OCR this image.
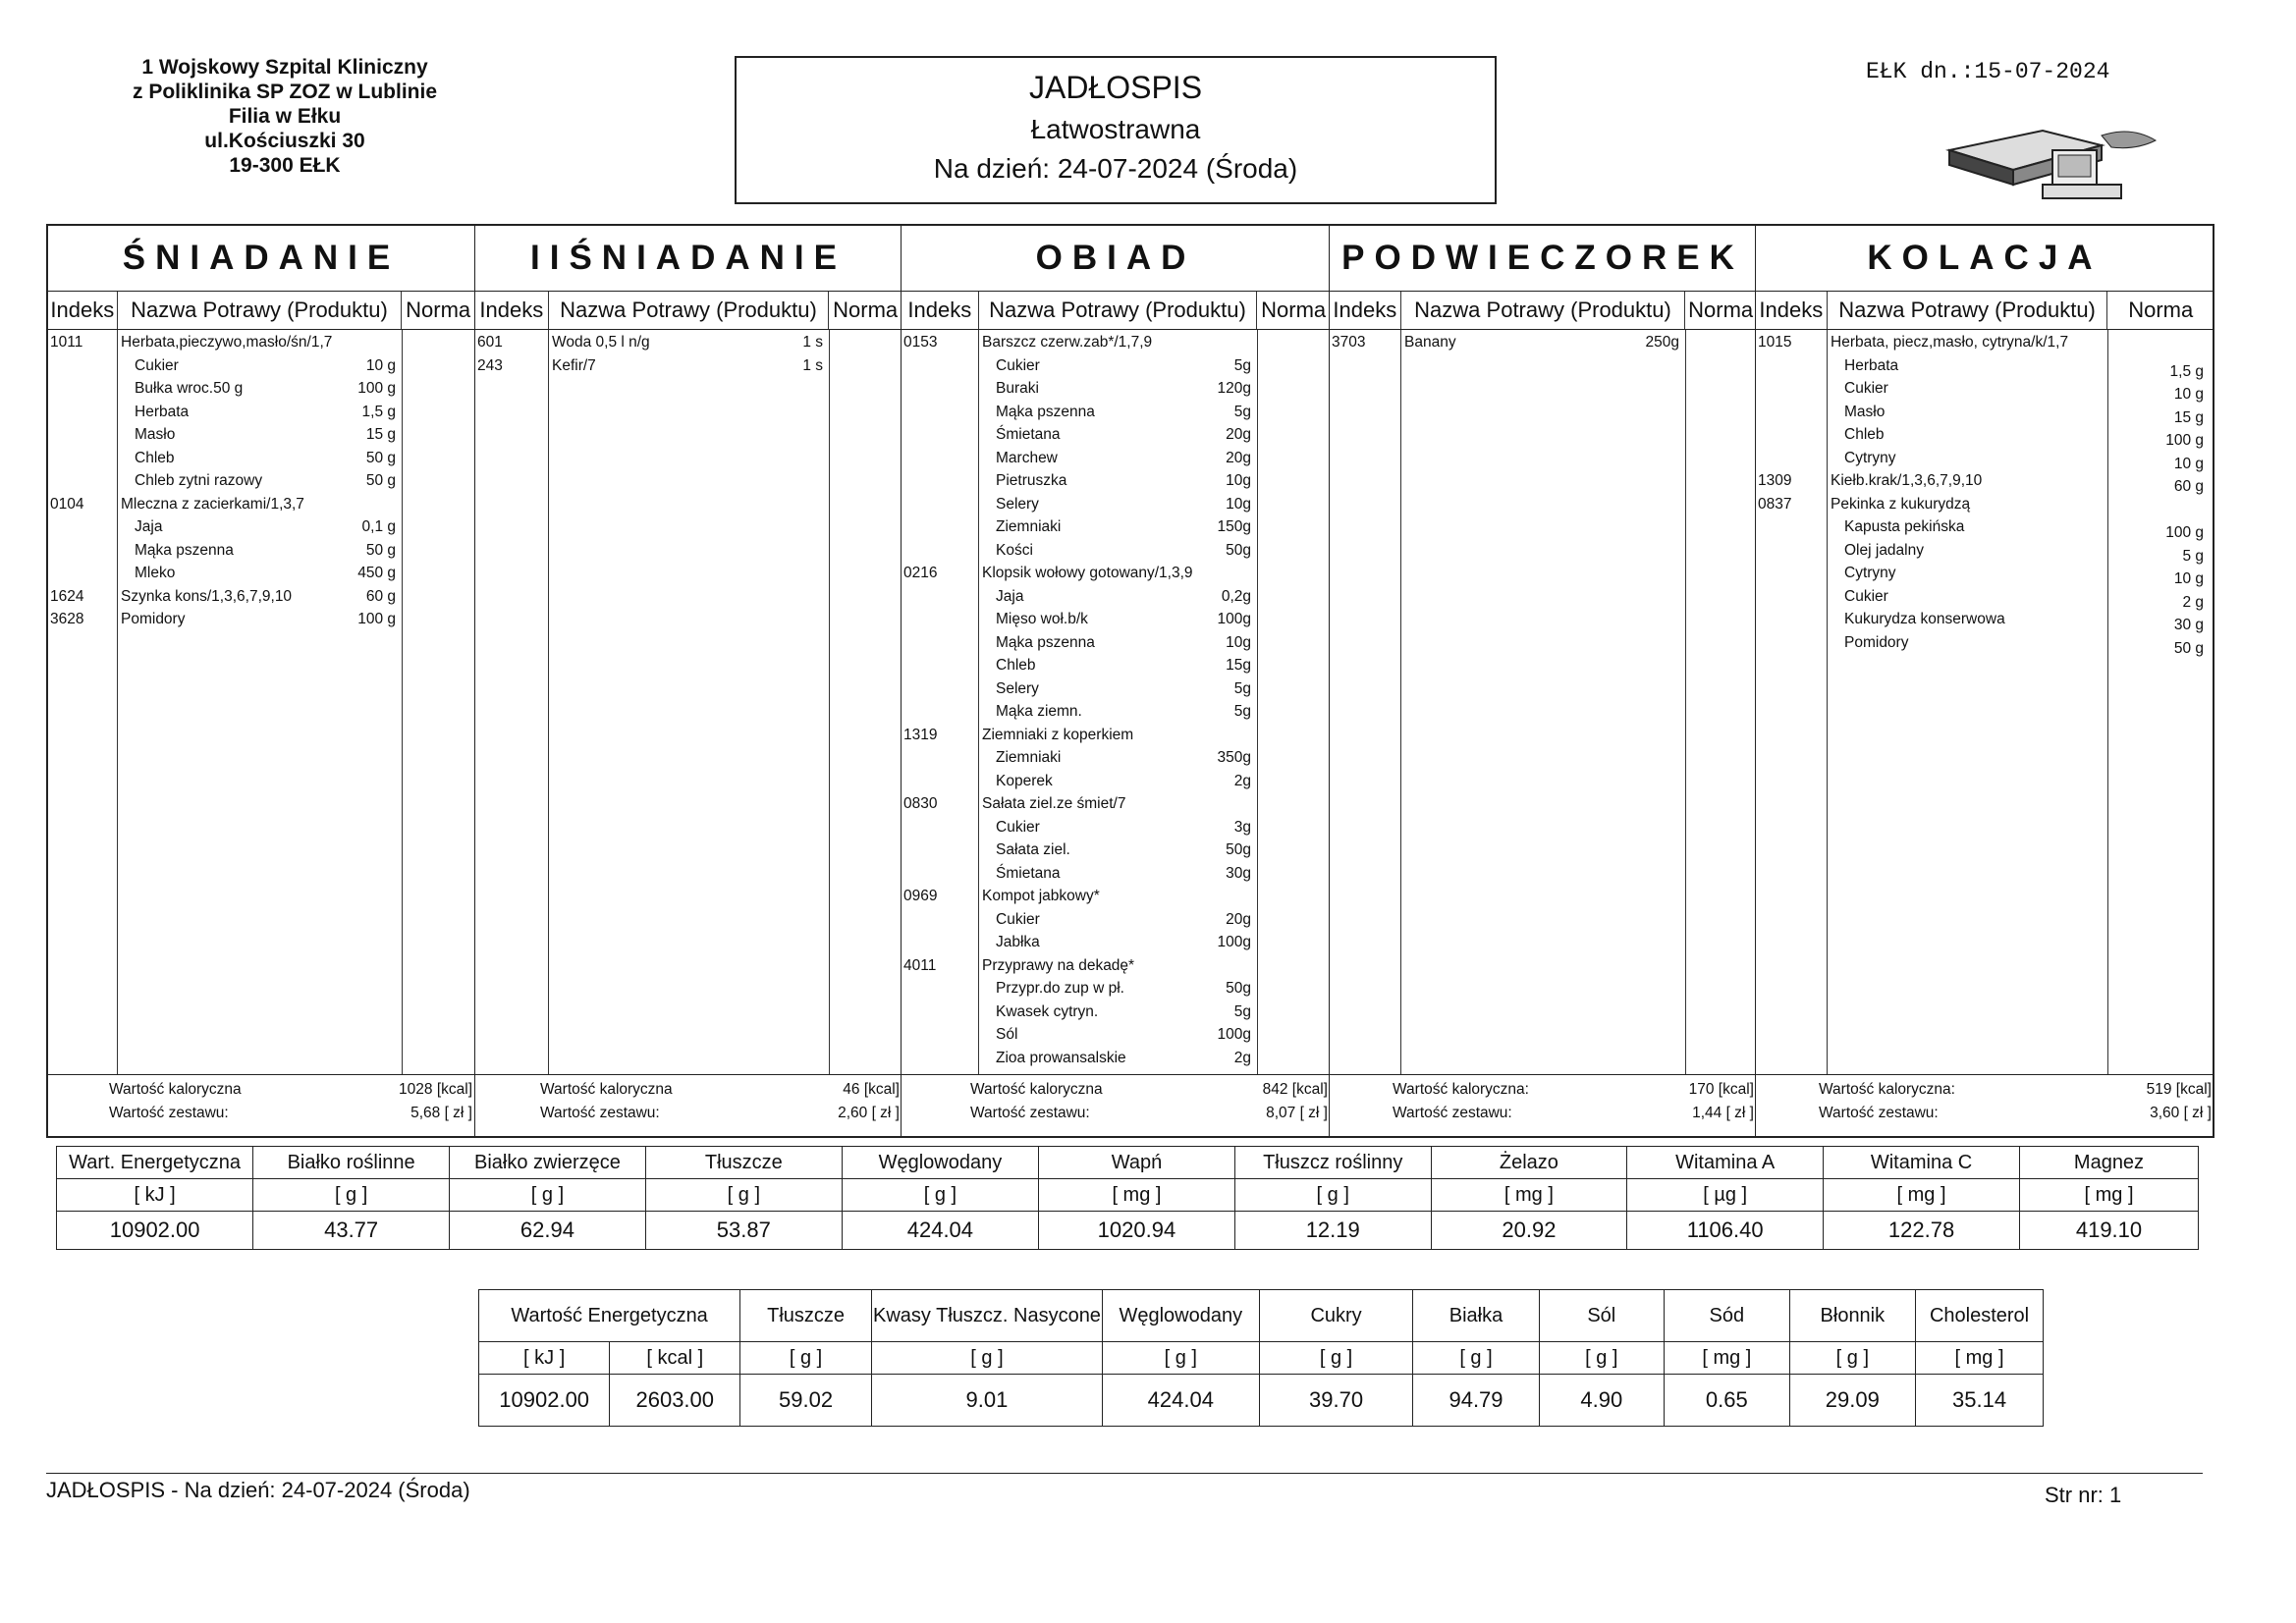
1 Wojskowy Szpital Kliniczny
z Poliklinika SP ZOZ w Lublinie
Filia w Ełku
ul.Kościuszki 30
19-300 EŁK
JADŁOSPIS
Łatwostrawna
Na dzień: 24-07-2024 (Środa)
EŁK dn.:15-07-2024
ŚNIADANIE
Indeks Nazwa Potrawy (Produktu) Norma
1011 Herbata,pieczywo,masło/śn/1,7
Cukier	10 g
Bułka wroc.50 g	100 g
Herbata	1,5 g
Masło	15 g
Chleb	50 g
Chleb zytni razowy	50 g
0104 Mleczna z zacierkami/1,3,7
Jaja	0,1 g
Mąka pszenna	50 g
Mleko	450 g
1624 Szynka kons/1,3,6,7,9,10	60 g
3628 Pomidory	100 g
Wartość kaloryczna	1028 [kcal]
Wartość zestawu:	5,68 [ zł ]
IIŚNIADANIE
Indeks Nazwa Potrawy (Produktu) Norma
601	Woda 0,5 l n/g	1 s
243	Kefir/7	1 s
Wartość kaloryczna	46 [kcal]
Wartość zestawu:	2,60 [ zł ]
OBIAD
Indeks Nazwa Potrawy (Produktu) Norma
0153	Barszcz czerw.zab*/1,7,9
Cukier	5g
Buraki	120g
Mąka pszenna	5g
Śmietana	20g
Marchew	20g
Pietruszka	10g
Selery	10g
Ziemniaki	150g
Kości	50g
0216	Klopsik wołowy gotowany/1,3,9
Jaja	0,2g
Mięso woł.b/k	100g
Mąka pszenna	10g
Chleb	15g
Selery	5g
Mąka ziemn.	5g
1319	Ziemniaki z koperkiem
Ziemniaki	350g
Koperek	2g
0830	Sałata ziel.ze śmiet/7
Cukier	3g
Sałata ziel.	50g
Śmietana	30g
0969	Kompot jabkowy*
Cukier	20g
Jabłka	100g
4011	Przyprawy na dekadę*
Przypr.do zup w pł.	50g
Kwasek cytryn.	5g
Sól	100g
Zioa prowansalskie	2g
Wartość kaloryczna	842 [kcal]
Wartość zestawu:	8,07 [ zł ]
PODWIECZOREK
Indeks Nazwa Potrawy (Produktu) Norma
3703	Banany	250g
Wartość kaloryczna:	170 [kcal]
Wartość zestawu:	1,44 [ zł ]
KOLACJA
Indeks Nazwa Potrawy (Produktu)	Norma
1015	Herbata, piecz,masło, cytryna/k/1,7
Herbata	1,5 g
Cukier	10 g
Masło	15 g
Chleb	100 g
Cytryny	10 g
1309	Kiełb.krak/1,3,6,7,9,10	60 g
0837	Pekinka z kukurydzą
Kapusta pekińska	100 g
Olej jadalny	5 g
Cytryny	10 g
Cukier	2 g
Kukurydza konserwowa	30 g
Pomidory	50 g
Wartość kaloryczna:	519 [kcal]
Wartość zestawu:	3,60 [ zł ]
Wart. Energetyczna	Białko roślinne	Białko zwierzęce	Tłuszcze	Węglowodany	Wapń	Tłuszcz roślinny	Żelazo	Witamina A	Witamina C	Magnez
[ kJ ]	[ g ]	[ g ]	[ g ]	[ g ]	[ mg ]	[ g ]	[ mg ]	[ µg ]	[ mg ]	[ mg ]
10902.00	43.77	62.94	53.87	424.04	1020.94	12.19	20.92	1106.40	122.78	419.10
Wartość Energetyczna		Tłuszcze	Kwasy Tłuszcz. Nasycone	Węglowodany	Cukry	Białka	Sól	Sód	Błonnik	Cholesterol
[ kJ ]	[ kcal ]	[ g ]	[ g ]	[ g ]	[ g ]	[ g ]	[ g ]	[ mg ]	[ g ]	[ mg ]
10902.00	2603.00	59.02	9.01	424.04	39.70	94.79	4.90	0.65	29.09	35.14
JADŁOSPIS - Na dzień: 24-07-2024 (Środa)	Str nr: 1
